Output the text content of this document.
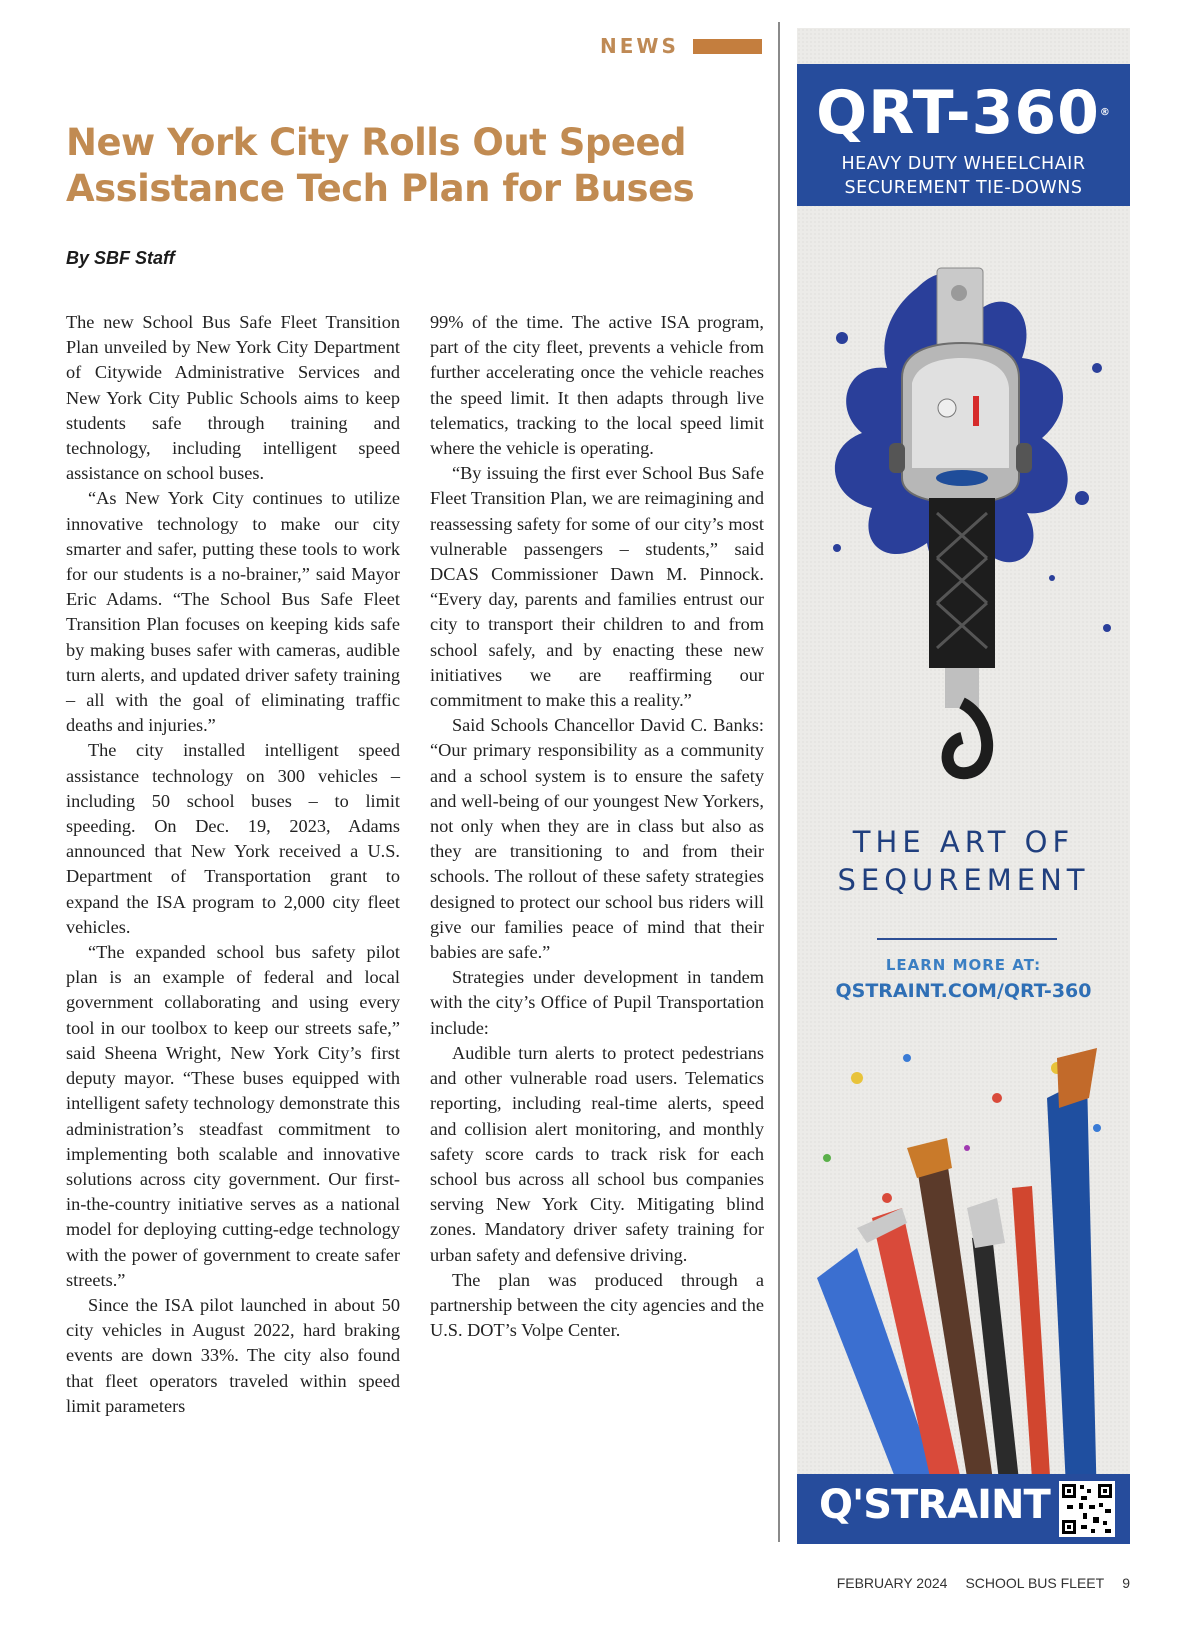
NEWS
New York City Rolls Out Speed Assistance Tech Plan for Buses

By SBF Staff

The new School Bus Safe Fleet Transition Plan unveiled by New York City Department of Citywide Administrative Services and New York City Public Schools aims to keep students safe through training and technology, including intelligent speed assistance on school buses.

“As New York City continues to utilize innovative technology to make our city smarter and safer, putting these tools to work for our students is a no-brainer,” said Mayor Eric Adams. “The School Bus Safe Fleet Transition Plan focuses on keeping kids safe by making buses safer with cameras, audible turn alerts, and updated driver safety training – all with the goal of eliminating traffic deaths and injuries.”

The city installed intelligent speed assistance technology on 300 vehicles – including 50 school buses – to limit speeding. On Dec. 19, 2023, Adams announced that New York received a U.S. Department of Transportation grant to expand the ISA program to 2,000 city fleet vehicles.

“The expanded school bus safety pilot plan is an example of federal and local government collaborating and using every tool in our toolbox to keep our streets safe,” said Sheena Wright, New York City’s first deputy mayor. “These buses equipped with intelligent safety technology demonstrate this administration’s steadfast commitment to implementing both scalable and innovative solutions across city government. Our first-in-the-country initiative serves as a national model for deploying cutting-edge technology with the power of government to create safer streets.”

Since the ISA pilot launched in about 50 city vehicles in August 2022, hard braking events are down 33%. The city also found that fleet operators traveled within speed limit parameters

99% of the time. The active ISA program, part of the city fleet, prevents a vehicle from further accelerating once the vehicle reaches the speed limit. It then adapts through live telematics, tracking to the local speed limit where the vehicle is operating.

“By issuing the first ever School Bus Safe Fleet Transition Plan, we are reimagining and reassessing safety for some of our city’s most vulnerable passengers – students,” said DCAS Commissioner Dawn M. Pinnock. “Every day, parents and families entrust our city to transport their children to and from school safely, and by enacting these new initiatives we are reaffirming our commitment to make this a reality.”

Said Schools Chancellor David C. Banks: “Our primary responsibility as a community and a school system is to ensure the safety and well-being of our youngest New Yorkers, not only when they are in class but also as they are transitioning to and from their schools. The rollout of these safety strategies designed to protect our school bus riders will give our families peace of mind that their babies are safe.”

Strategies under development in tandem with the city’s Office of Pupil Transportation include:

Audible turn alerts to protect pedestrians and other vulnerable road users. Telematics reporting, including real-time alerts, speed and collision alert monitoring, and monthly safety score cards to track risk for each school bus across all school bus companies serving New York City. Mitigating blind zones. Mandatory driver safety training for urban safety and defensive driving.

The plan was produced through a partnership between the city agencies and the U.S. DOT’s Volpe Center.

QRT-360®
HEAVY DUTY WHEELCHAIR
SECUREMENT TIE-DOWNS
THE ART OF
SEQUREMENT
LEARN MORE AT:
QSTRAINT.COM/QRT-360
Q'STRAINT
FEBRUARY 2024 SCHOOL BUS FLEET 9
